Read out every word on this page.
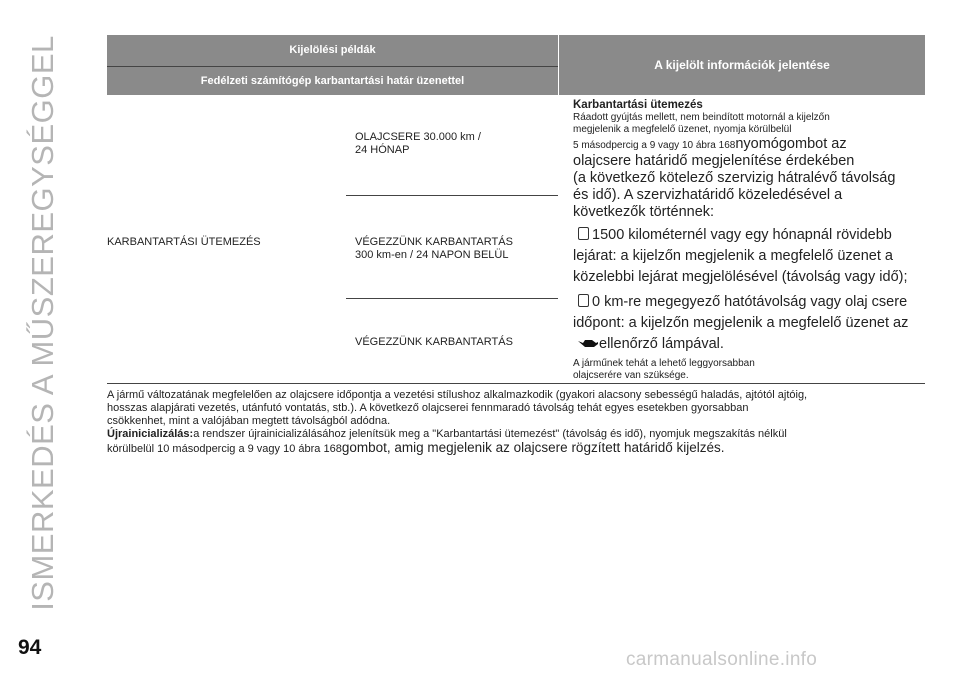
ISMERKEDÉS A MŰSZEREGYSÉGGEL	Kijelölési példák
Fedélzeti számítógép karbantartási határ üzenettel
A kijelölt információk jelentése
KARBANTARTÁSI ÜTEMEZÉS
OLAJCSERE 30.000 km /
24 HÓNAP
VÉGEZZÜNK KARBANTARTÁS
300 km-en / 24 NAPON BELÜL
VÉGEZZÜNK KARBANTARTÁS
Karbantartási ütemezés
Ráadott gyújtás mellett, nem beindított motornál a kijelzőn
megjelenik a megfelelő üzenet, nyomja körülbelül
5 másodpercig a 9 vagy 10 ábra 168nyomógombot az
olajcsere határidő megjelenítése érdekében
(a következő kötelező szervizig hátralévő távolság
és idő). A szervizhatáridő közeledésével a
következők történnek:
1500 kilométernél vagy egy hónapnál rövidebb
lejárat: a kijelzőn megjelenik a megfelelő üzenet a
közelebbi lejárat megjelölésével (távolság vagy idő);
0 km-re megegyező hatótávolság vagy olaj csere
időpont: a kijelzőn megjelenik a megfelelő üzenet az
ellenőrző lámpával.
A járműnek tehát a lehető leggyorsabban
olajcserére van szüksége.
A jármű változatának megfelelően az olajcsere időpontja a vezetési stílushoz alkalmazkodik (gyakori alacsony sebességű haladás, ajtótól ajtóig,
hosszas alapjárati vezetés, utánfutó vontatás, stb.). A következő olajcserei fennmaradó távolság tehát egyes esetekben gyorsabban
csökkenhet, mint a valójában megtett távolságból adódna.
Újrainicializálás:a rendszer újrainicializálásához jelenítsük meg a "Karbantartási ütemezést" (távolság és idő), nyomjuk megszakítás nélkül
körülbelül 10 másodpercig a 9 vagy 10 ábra 168gombot, amig megjelenik az olajcsere rögzített határidő kijelzés.
94
carmanualsonline.info
